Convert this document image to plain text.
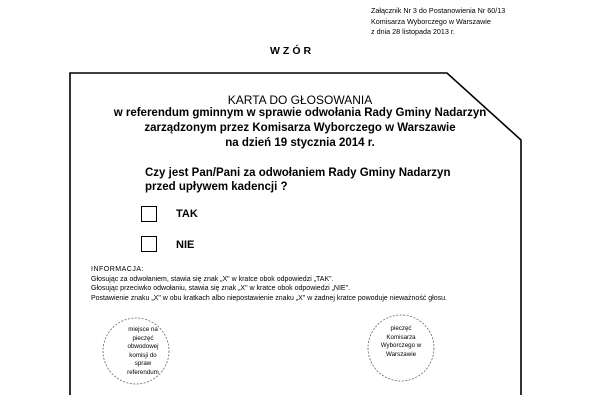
Załącznik Nr 3 do Postanowienia Nr 60/13
Komisarza Wyborczego w Warszawie
z dnia 28 listopada 2013 r.
WZÓR
KARTA DO GŁOSOWANIA
w referendum gminnym w sprawie odwołania Rady Gminy Nadarzyn
zarządzonym przez Komisarza Wyborczego w Warszawie
na dzień 19 stycznia 2014 r.
Czy jest Pan/Pani za odwołaniem Rady Gminy Nadarzyn
przed upływem kadencji ?
TAK
NIE
INFORMACJA:
Głosując za odwołaniem, stawia się znak „X" w kratce obok odpowiedzi „TAK".
Głosując przeciwko odwołaniu, stawia się znak „X" w kratce obok odpowiedzi „NIE".
Postawienie znaku „X" w obu kratkach albo niepostawienie znaku „X" w żadnej kratce powoduje nieważność głosu.
miejsce na
pieczęć
obwodowej
komisji do
spraw
referendum
pieczęć
Komisarza
Wyborczego w
Warszawie
